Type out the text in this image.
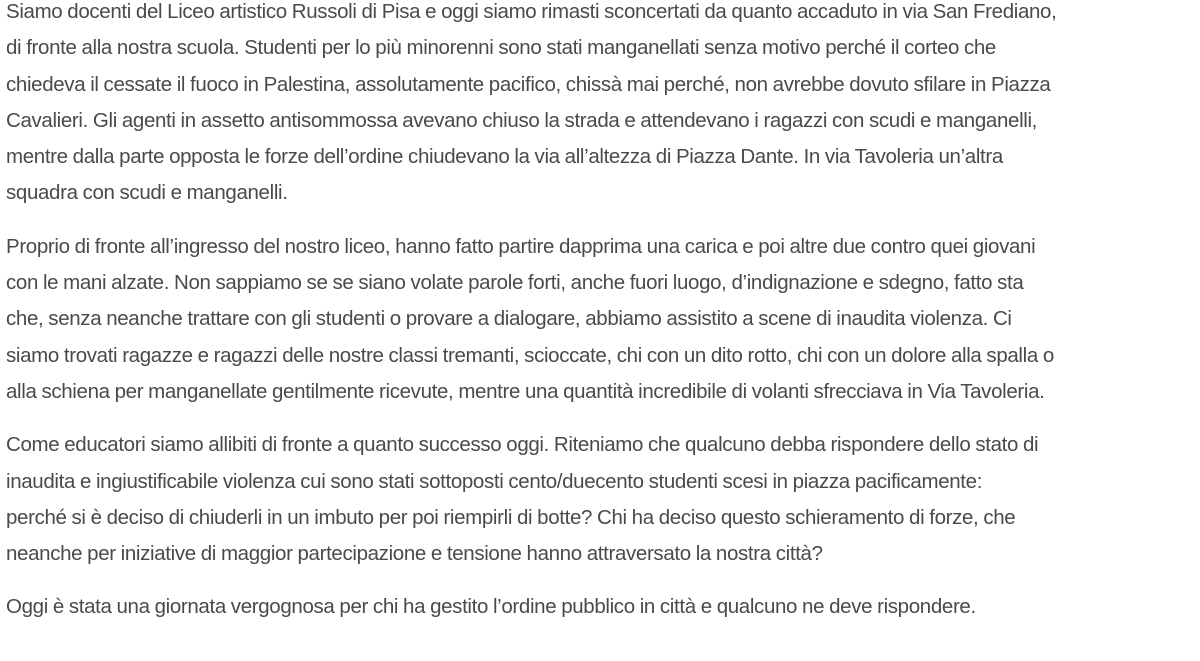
Siamo docenti del Liceo artistico Russoli di Pisa e oggi siamo rimasti sconcertati da quanto accaduto in via San Frediano,
di fronte alla nostra scuola. Studenti per lo più minorenni sono stati manganellati senza motivo perché il corteo che
chiedeva il cessate il fuoco in Palestina, assolutamente pacifico, chissà mai perché, non avrebbe dovuto sfilare in Piazza
Cavalieri. Gli agenti in assetto antisommossa avevano chiuso la strada e attendevano i ragazzi con scudi e manganelli,
mentre dalla parte opposta le forze dell’ordine chiudevano la via all’altezza di Piazza Dante. In via Tavoleria un’altra
squadra con scudi e manganelli.

Proprio di fronte all’ingresso del nostro liceo, hanno fatto partire dapprima una carica e poi altre due contro quei giovani
con le mani alzate. Non sappiamo se se siano volate parole forti, anche fuori luogo, d’indignazione e sdegno, fatto sta
che, senza neanche trattare con gli studenti o provare a dialogare, abbiamo assistito a scene di inaudita violenza. Ci
siamo trovati ragazze e ragazzi delle nostre classi tremanti, scioccate, chi con un dito rotto, chi con un dolore alla spalla o
alla schiena per manganellate gentilmente ricevute, mentre una quantità incredibile di volanti sfrecciava in Via Tavoleria.

Come educatori siamo allibiti di fronte a quanto successo oggi. Riteniamo che qualcuno debba rispondere dello stato di
inaudita e ingiustificabile violenza cui sono stati sottoposti cento/duecento studenti scesi in piazza pacificamente:
perché si è deciso di chiuderli in un imbuto per poi riempirli di botte? Chi ha deciso questo schieramento di forze, che
neanche per iniziative di maggior partecipazione e tensione hanno attraversato la nostra città?

Oggi è stata una giornata vergognosa per chi ha gestito l’ordine pubblico in città e qualcuno ne deve rispondere.
